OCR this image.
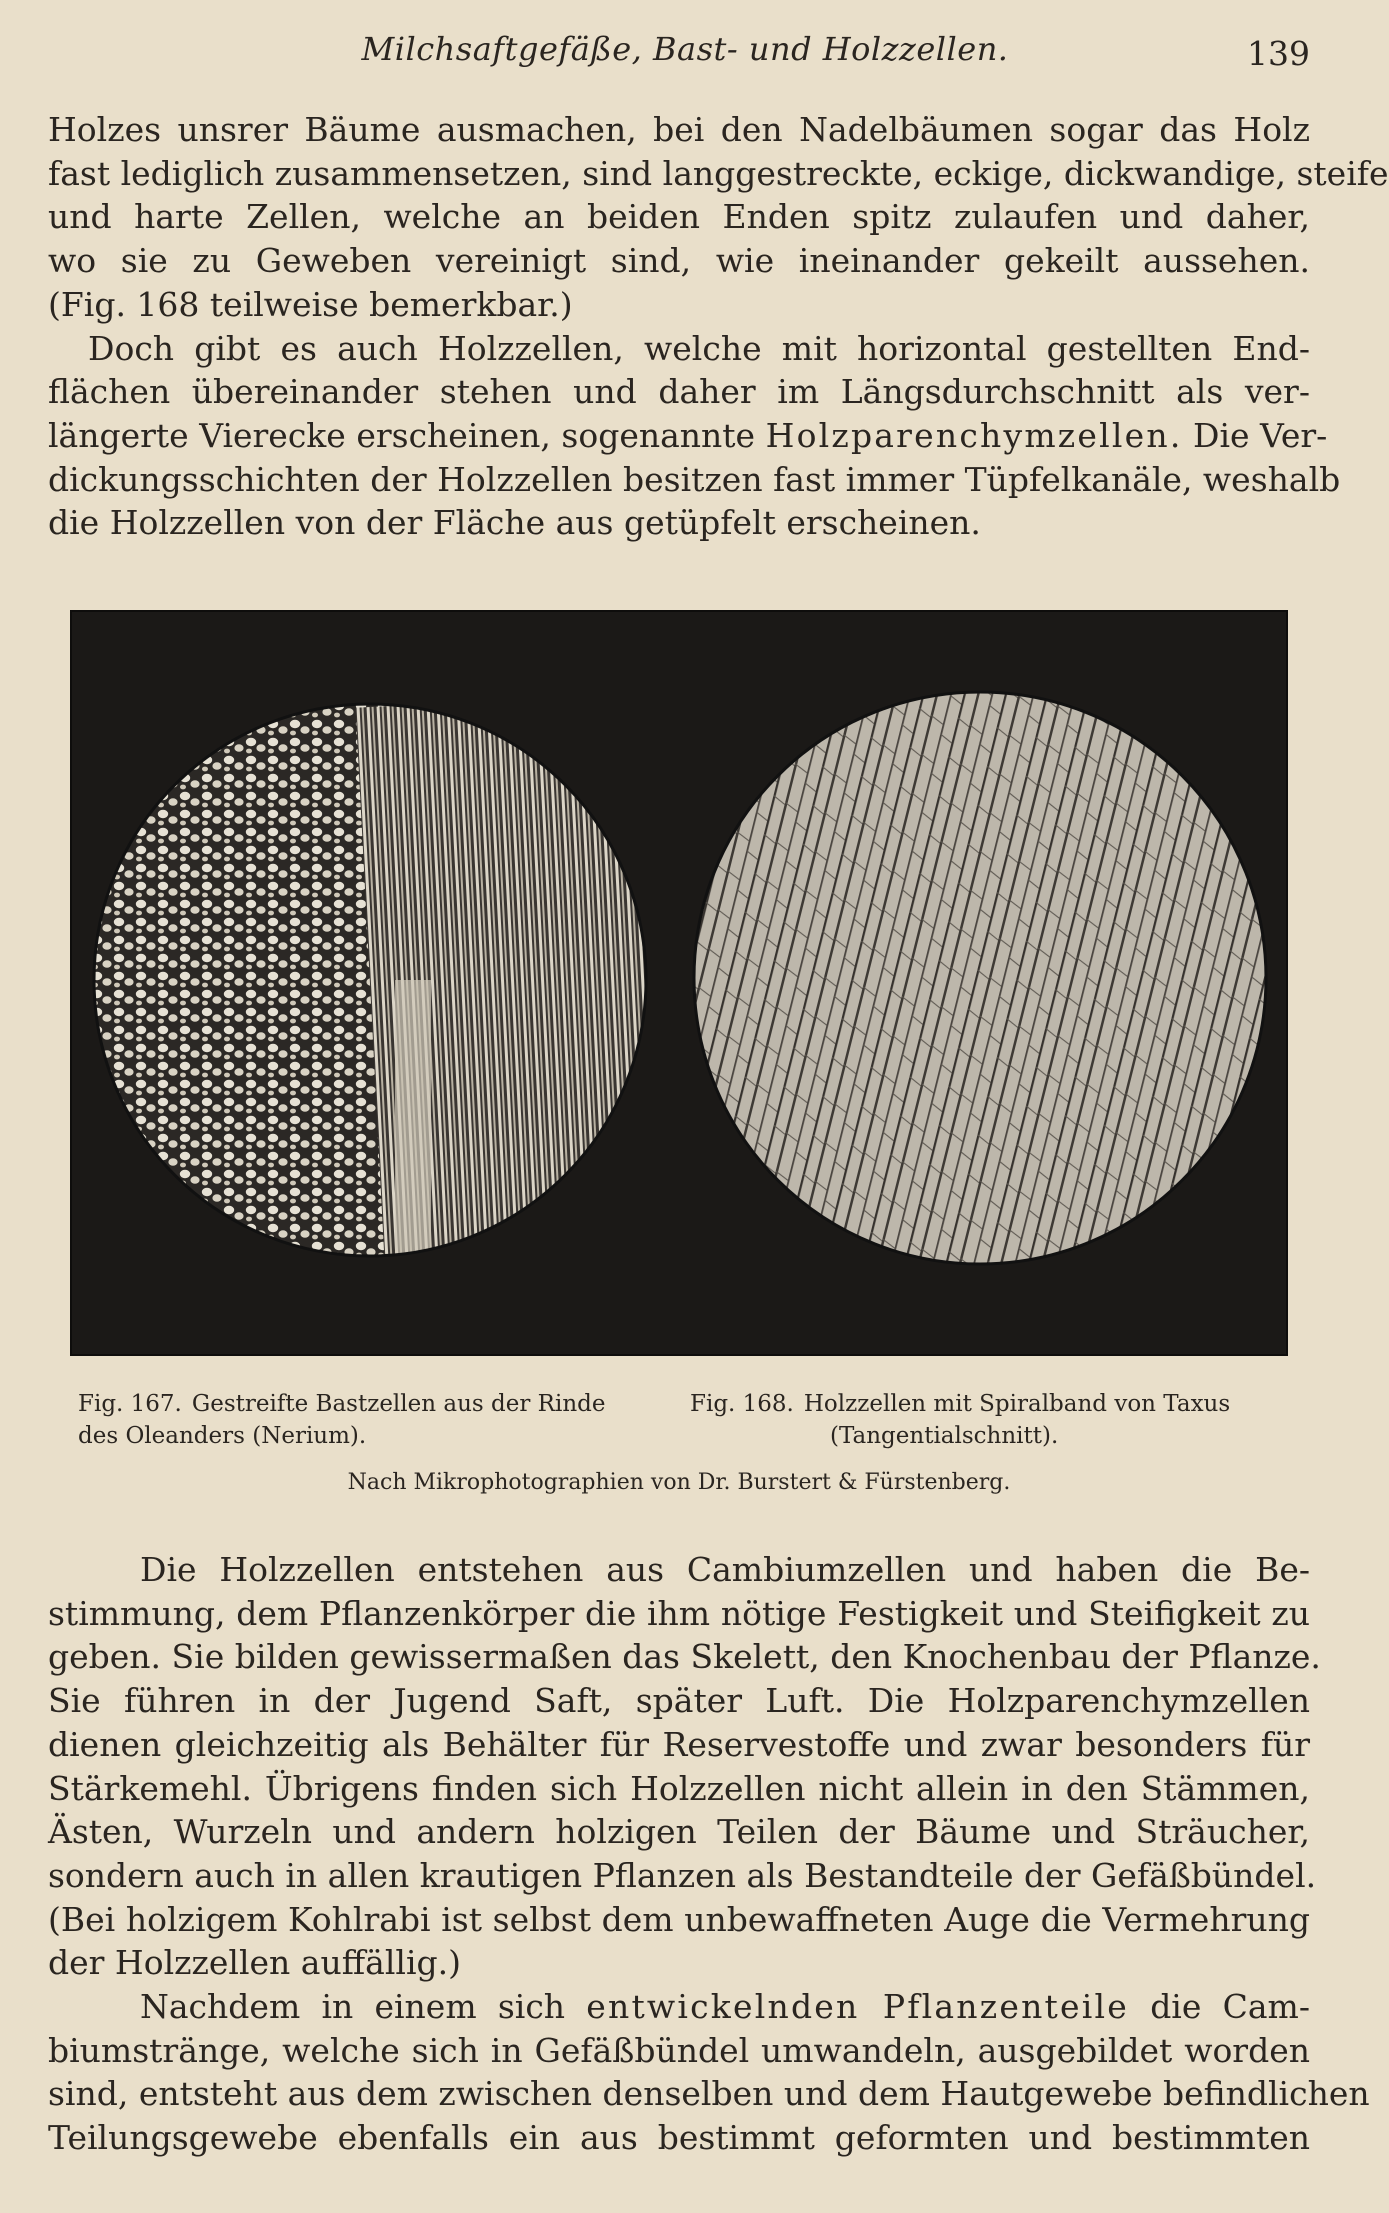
Milchsaftgefäße, Bast- und Holzzellen.	139
Holzes unsrer Bäume ausmachen, bei den Nadelbäumen sogar das Holz
fast lediglich zusammensetzen, sind langgestreckte, eckige, dickwandige, steife
und harte Zellen, welche an beiden Enden spitz zulaufen und daher,
wo sie zu Geweben vereinigt sind, wie ineinander gekeilt aussehen.
(Fig. 168 teilweise bemerkbar.)
Doch gibt es auch Holzzellen, welche mit horizontal gestellten End-
flächen übereinander stehen und daher im Längsdurchschnitt als ver-
längerte Vierecke erscheinen, sogenannte Holzparenchymzellen. Die Ver-
dickungsschichten der Holzzellen besitzen fast immer Tüpfelkanäle, weshalb
die Holzzellen von der Fläche aus getüpfelt erscheinen.
Fig. 167. Gestreifte Bastzellen aus der Rinde
des Oleanders (Nerium).
Fig. 168. Holzzellen mit Spiralband von Taxus
(Tangentialschnitt).
Nach Mikrophotographien von Dr. Burstert & Fürstenberg.
Die Holzzellen entstehen aus Cambiumzellen und haben die Be-
stimmung, dem Pflanzenkörper die ihm nötige Festigkeit und Steifigkeit zu
geben. Sie bilden gewissermaßen das Skelett, den Knochenbau der Pflanze.
Sie führen in der Jugend Saft, später Luft. Die Holzparenchymzellen
dienen gleichzeitig als Behälter für Reservestoffe und zwar besonders für
Stärkemehl. Übrigens finden sich Holzzellen nicht allein in den Stämmen,
Ästen, Wurzeln und andern holzigen Teilen der Bäume und Sträucher,
sondern auch in allen krautigen Pflanzen als Bestandteile der Gefäßbündel.
(Bei holzigem Kohlrabi ist selbst dem unbewaffneten Auge die Vermehrung
der Holzzellen auffällig.)
Nachdem in einem sich entwickelnden Pflanzenteile die Cam-
biumstränge, welche sich in Gefäßbündel umwandeln, ausgebildet worden
sind, entsteht aus dem zwischen denselben und dem Hautgewebe befindlichen
Teilungsgewebe ebenfalls ein aus bestimmt geformten und bestimmten
